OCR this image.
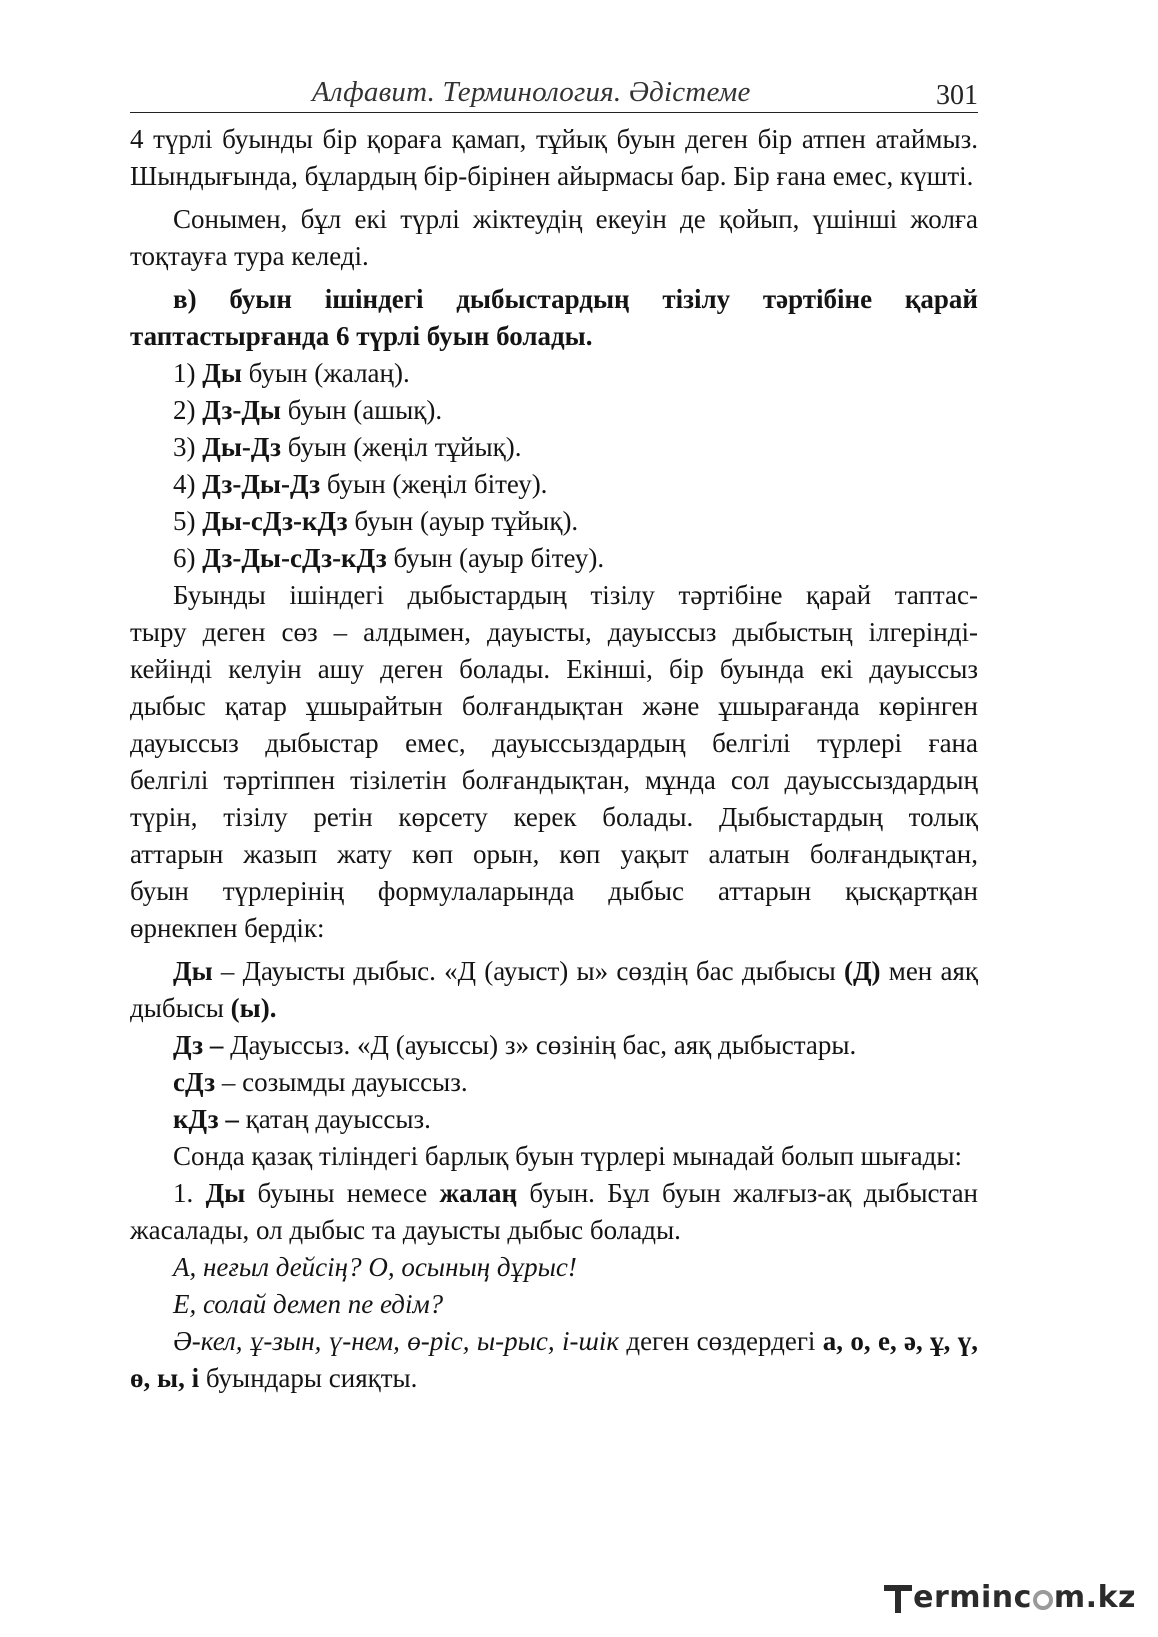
Алфавит. Терминология. Әдістеме	301

4 түрлі буынды бір қораға қамап, тұйық буын деген бір атпен атаймыз. Шындығында, бұлардың бір-бірінен айырмасы бар. Бір ғана емес, күшті.

Сонымен, бұл екі түрлі жіктеудің екеуін де қойып, үшінші жолға тоқтауға тура келеді.

в) буын ішіндегі дыбыстардың тізілу тәртібіне қарай таптастырғанда 6 түрлі буын болады.

1) Ды буын (жалаң).

2) Дз-Ды буын (ашық).

3) Ды-Дз буын (жеңіл тұйық).

4) Дз-Ды-Дз буын (жеңіл бітеу).

5) Ды-сДз-кДз буын (ауыр тұйық).

6) Дз-Ды-сДз-кДз буын (ауыр бітеу).

Буынды ішіндегі дыбыстардың тізілу тәртібіне қарай таптас-

тыру деген сөз – алдымен, дауысты, дауыссыз дыбыстың ілгерінді-

кейінді келуін ашу деген болады. Екінші, бір буында екі дауыссыз

дыбыс қатар ұшырайтын болғандықтан және ұшырағанда көрінген

дауыссыз дыбыстар емес, дауыссыздардың белгілі түрлері ғана

белгілі тәртіппен тізілетін болғандықтан, мұнда сол дауыссыздардың

түрін, тізілу ретін көрсету керек болады. Дыбыстардың толық

аттарын жазып жату көп орын, көп уақыт алатын болғандықтан,

буын түрлерінің формулаларында дыбыс аттарын қысқартқан

өрнекпен бердік:

Ды – Дауысты дыбыс. «Д (ауыст) ы» сөздің бас дыбысы (Д) мен аяқ дыбысы (ы).

Дз – Дауыссыз. «Д (ауыссы) з» сөзінің бас, аяқ дыбыстары.

сДз – созымды дауыссыз.

кДз – қатаң дауыссыз.

Сонда қазақ тіліндегі барлық буын түрлері мынадай болып шығады:

1. Ды буыны немесе жалаң буын. Бұл буын жалғыз-ақ дыбыстан жасалады, ол дыбыс та дауысты дыбыс болады.

А, неғыл дейсің? О, осының дұрыс!

Е, солай демеп пе едім?

Ә-кел, ұ-зын, ү-нем, ө-ріс, ы-рыс, і-шік деген сөздердегі а, о, е, ә, ұ, ү, ө, ы, і буындары сияқты.

erminc m.kz
